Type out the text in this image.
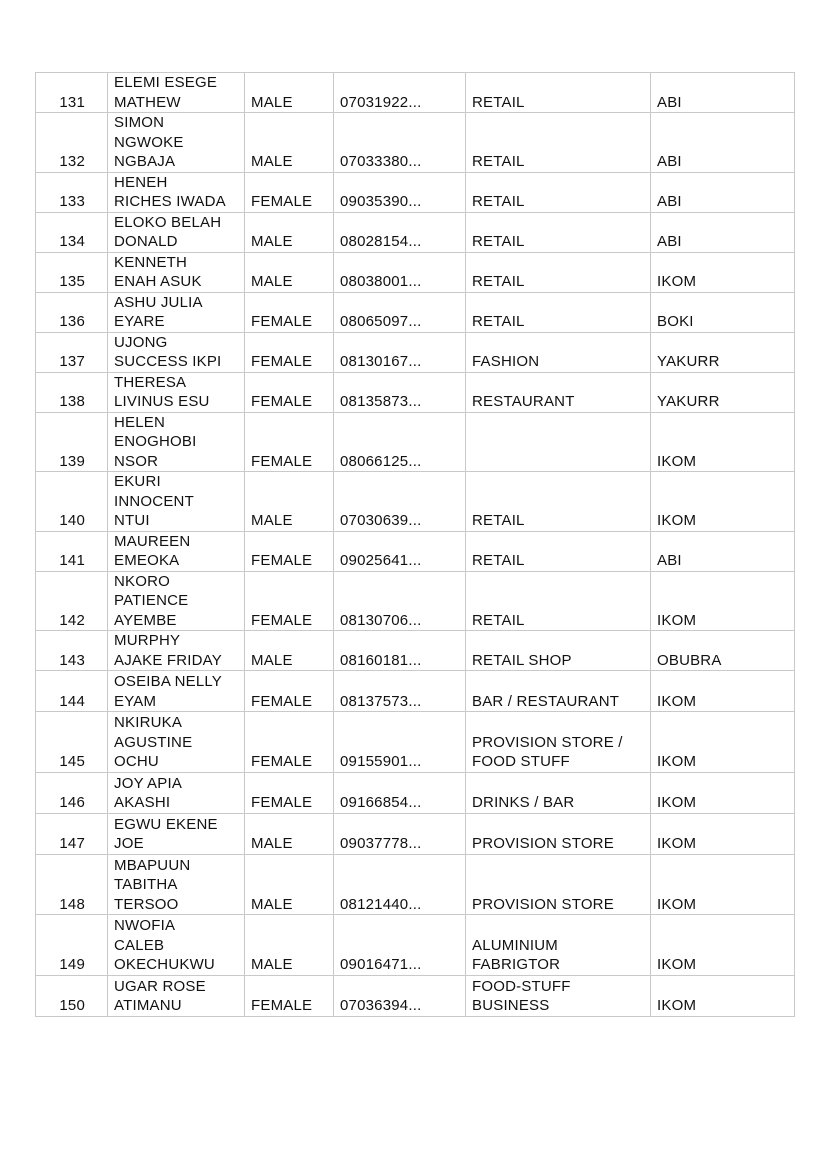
131	ELEMI ESEGE
MATHEW	MALE	07031922...	RETAIL	ABI
132	SIMON
NGWOKE
NGBAJA	MALE	07033380...	RETAIL	ABI
133	HENEH
RICHES IWADA	FEMALE	09035390...	RETAIL	ABI
134	ELOKO BELAH
DONALD	MALE	08028154...	RETAIL	ABI
135	KENNETH
ENAH ASUK	MALE	08038001...	RETAIL	IKOM
136	ASHU JULIA
EYARE	FEMALE	08065097...	RETAIL	BOKI
137	UJONG
SUCCESS IKPI	FEMALE	08130167...	FASHION	YAKURR
138	THERESA
LIVINUS ESU	FEMALE	08135873...	RESTAURANT	YAKURR
139	HELEN
ENOGHOBI
NSOR	FEMALE	08066125...		IKOM
140	EKURI
INNOCENT
NTUI	MALE	07030639...	RETAIL	IKOM
141	MAUREEN
EMEOKA	FEMALE	09025641...	RETAIL	ABI
142	NKORO
PATIENCE
AYEMBE	FEMALE	08130706...	RETAIL	IKOM
143	MURPHY
AJAKE FRIDAY	MALE	08160181...	RETAIL SHOP	OBUBRA
144	OSEIBA NELLY
EYAM	FEMALE	08137573...	BAR / RESTAURANT	IKOM
145	NKIRUKA
AGUSTINE
OCHU	FEMALE	09155901...	PROVISION STORE /
FOOD STUFF	IKOM
146	JOY APIA
AKASHI	FEMALE	09166854...	DRINKS / BAR	IKOM
147	EGWU EKENE
JOE	MALE	09037778...	PROVISION STORE	IKOM
148	MBAPUUN
TABITHA
TERSOO	MALE	08121440...	PROVISION STORE	IKOM
149	NWOFIA
CALEB
OKECHUKWU	MALE	09016471...	ALUMINIUM
FABRIGTOR	IKOM
150	UGAR ROSE
ATIMANU	FEMALE	07036394...	FOOD-STUFF
BUSINESS	IKOM
